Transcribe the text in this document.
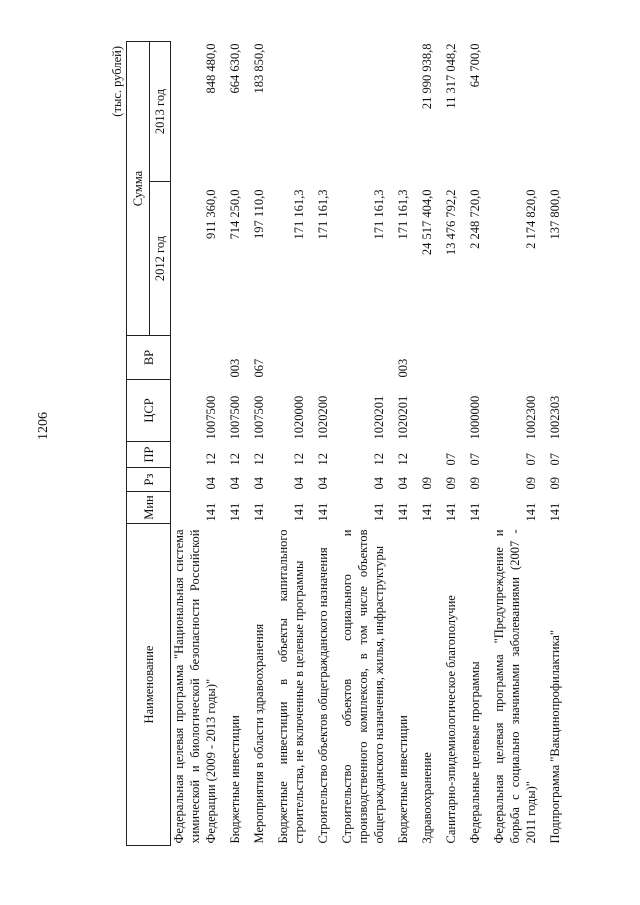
1206
(тыс. рублей)
Наименование	Мин	Рз	ПР	ЦСР	ВР	Сумма	
						2012 год	2013 год
Федеральная целевая программа "Национальная система химической и биологической безопасности Российской Федерации (2009 - 2013 годы)"	141	04	12	1007500		911 360,0	848 480,0
Бюджетные инвестиции	141	04	12	1007500	003	714 250,0	664 630,0
Мероприятия в области здравоохранения	141	04	12	1007500	067	197 110,0	183 850,0
Бюджетные инвестиции в объекты капитального строительства, не включенные в целевые программы	141	04	12	1020000		171 161,3	
Строительство объектов общегражданского назначения	141	04	12	1020200		171 161,3	
Строительство объектов социального и производственного комплексов, в том числе объектов общегражданского назначения, жилья, инфраструктуры	141	04	12	1020201		171 161,3	
Бюджетные инвестиции	141	04	12	1020201	003	171 161,3	
Здравоохранение	141	09				24 517 404,0	21 990 938,8
Санитарно-эпидемиологическое благополучие	141	09	07			13 476 792,2	11 317 048,2
Федеральные целевые программы	141	09	07	1000000		2 248 720,0	64 700,0
Федеральная целевая программа "Предупреждение и борьба с социально значимыми заболеваниями (2007 - 2011 годы)"	141	09	07	1002300		2 174 820,0	
Подпрограмма "Вакцинопрофилактика"	141	09	07	1002303		137 800,0	
